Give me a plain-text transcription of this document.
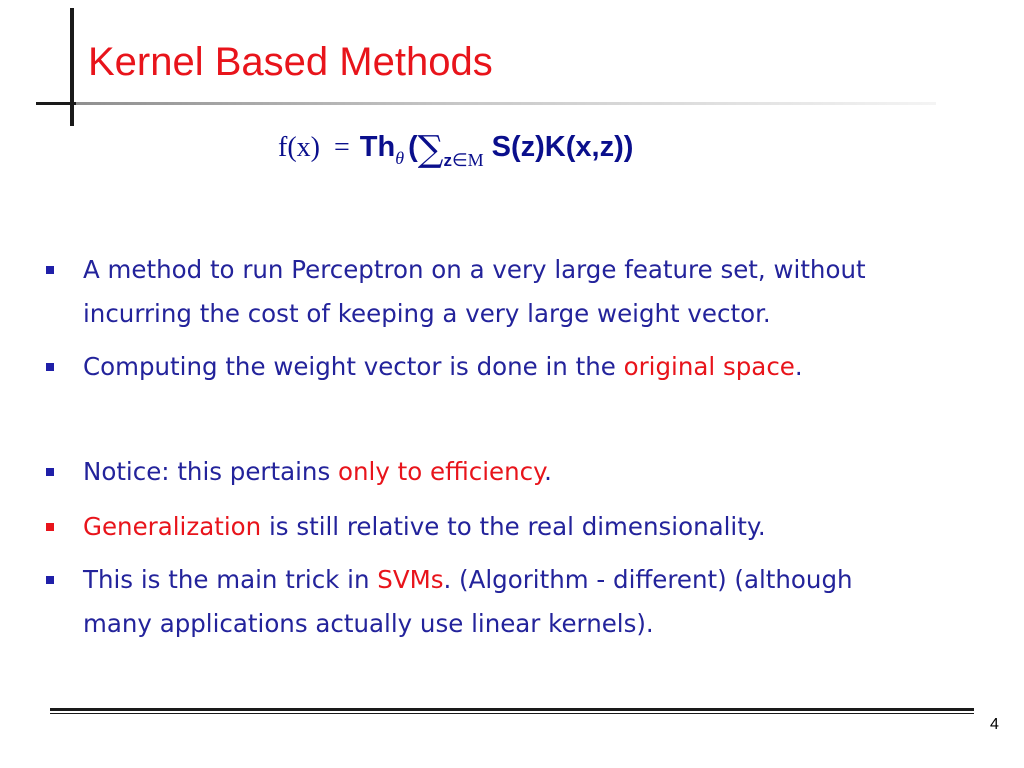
Kernel Based Methods
f(x) = Th θ ( ∑ z ∈M S(z)K(x,z))
A method to run Perceptron on a very large feature set, without
incurring the cost of keeping a very large weight vector.
Computing the weight vector is done in the original space.
Notice: this pertains only to efficiency.
Generalization is still relative to the real dimensionality.
This is the main trick in SVMs. (Algorithm - different) (although
many applications actually use linear kernels).
4
